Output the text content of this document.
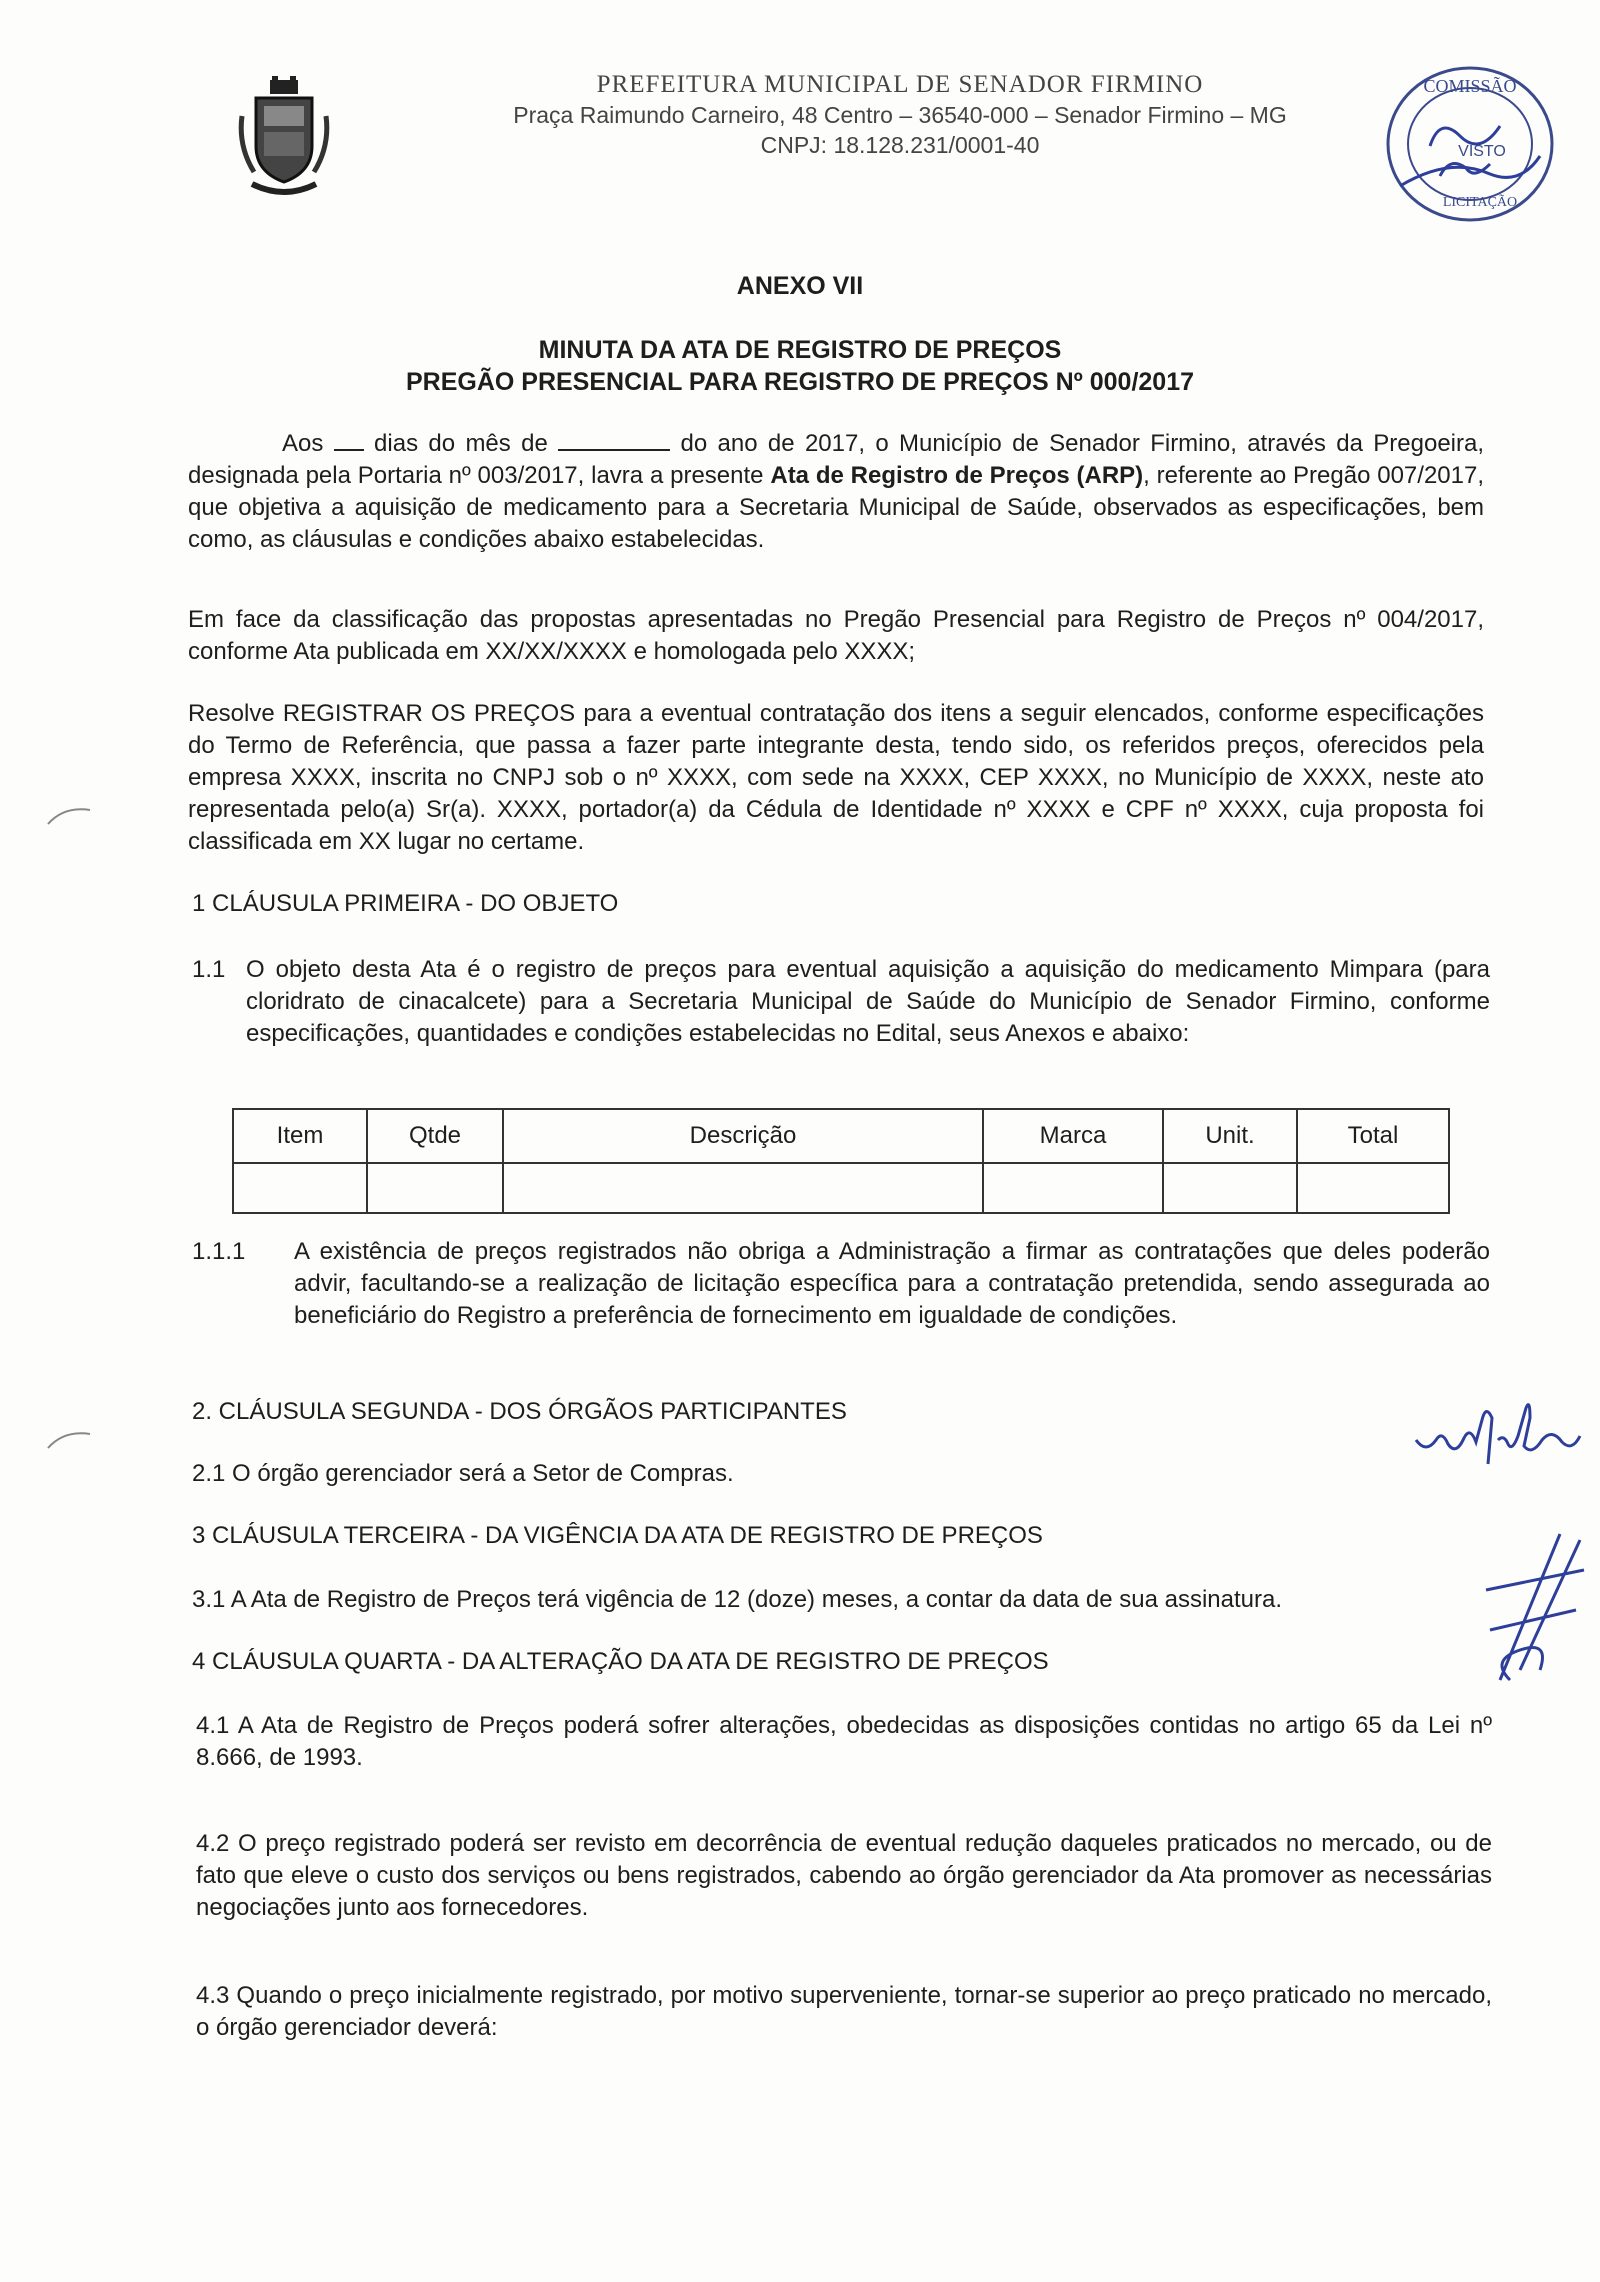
PREFEITURA MUNICIPAL DE SENADOR FIRMINO
Praça Raimundo Carneiro, 48 Centro – 36540-000 – Senador Firmino – MG
CNPJ: 18.128.231/0001-40
COMISSÃO
VISTO
LICITAÇÃO
ANEXO VII
MINUTA DA ATA DE REGISTRO DE PREÇOS
PREGÃO PRESENCIAL PARA REGISTRO DE PREÇOS Nº 000/2017
Aos dias do mês de	do ano de 2017, o Município de Senador Firmino, através da Pregoeira, designada pela Portaria nº 003/2017, lavra a presente Ata de Registro de Preços (ARP), referente ao Pregão 007/2017, que objetiva a aquisição de medicamento para a Secretaria Municipal de Saúde, observados as especificações, bem como, as cláusulas e condições abaixo estabelecidas.
Em face da classificação das propostas apresentadas no Pregão Presencial para Registro de Preços nº 004/2017, conforme Ata publicada em XX/XX/XXXX e homologada pelo XXXX;
Resolve REGISTRAR OS PREÇOS para a eventual contratação dos itens a seguir elencados, conforme especificações do Termo de Referência, que passa a fazer parte integrante desta, tendo sido, os referidos preços, oferecidos pela empresa XXXX, inscrita no CNPJ sob o nº XXXX, com sede na XXXX, CEP XXXX, no Município de XXXX, neste ato representada pelo(a) Sr(a). XXXX, portador(a) da Cédula de Identidade nº XXXX e CPF nº XXXX, cuja proposta foi classificada em XX lugar no certame.
1 CLÁUSULA PRIMEIRA - DO OBJETO
1.1 O objeto desta Ata é o registro de preços para eventual aquisição a aquisição do medicamento Mimpara (para cloridrato de cinacalcete) para a Secretaria Municipal de Saúde do Município de Senador Firmino, conforme especificações, quantidades e condições estabelecidas no Edital, seus Anexos e abaixo:
Item	Qtde	Descrição	Marca	Unit.	Total

1.1.1 A existência de preços registrados não obriga a Administração a firmar as contratações que deles poderão advir, facultando-se a realização de licitação específica para a contratação pretendida, sendo assegurada ao beneficiário do Registro a preferência de fornecimento em igualdade de condições.
2. CLÁUSULA SEGUNDA - DOS ÓRGÃOS PARTICIPANTES
2.1 O órgão gerenciador será a Setor de Compras.
3 CLÁUSULA TERCEIRA - DA VIGÊNCIA DA ATA DE REGISTRO DE PREÇOS
3.1 A Ata de Registro de Preços terá vigência de 12 (doze) meses, a contar da data de sua assinatura.
4 CLÁUSULA QUARTA - DA ALTERAÇÃO DA ATA DE REGISTRO DE PREÇOS
4.1 A Ata de Registro de Preços poderá sofrer alterações, obedecidas as disposições contidas no artigo 65 da Lei nº 8.666, de 1993.
4.2 O preço registrado poderá ser revisto em decorrência de eventual redução daqueles praticados no mercado, ou de fato que eleve o custo dos serviços ou bens registrados, cabendo ao órgão gerenciador da Ata promover as necessárias negociações junto aos fornecedores.
4.3 Quando o preço inicialmente registrado, por motivo superveniente, tornar-se superior ao preço praticado no mercado, o órgão gerenciador deverá:
